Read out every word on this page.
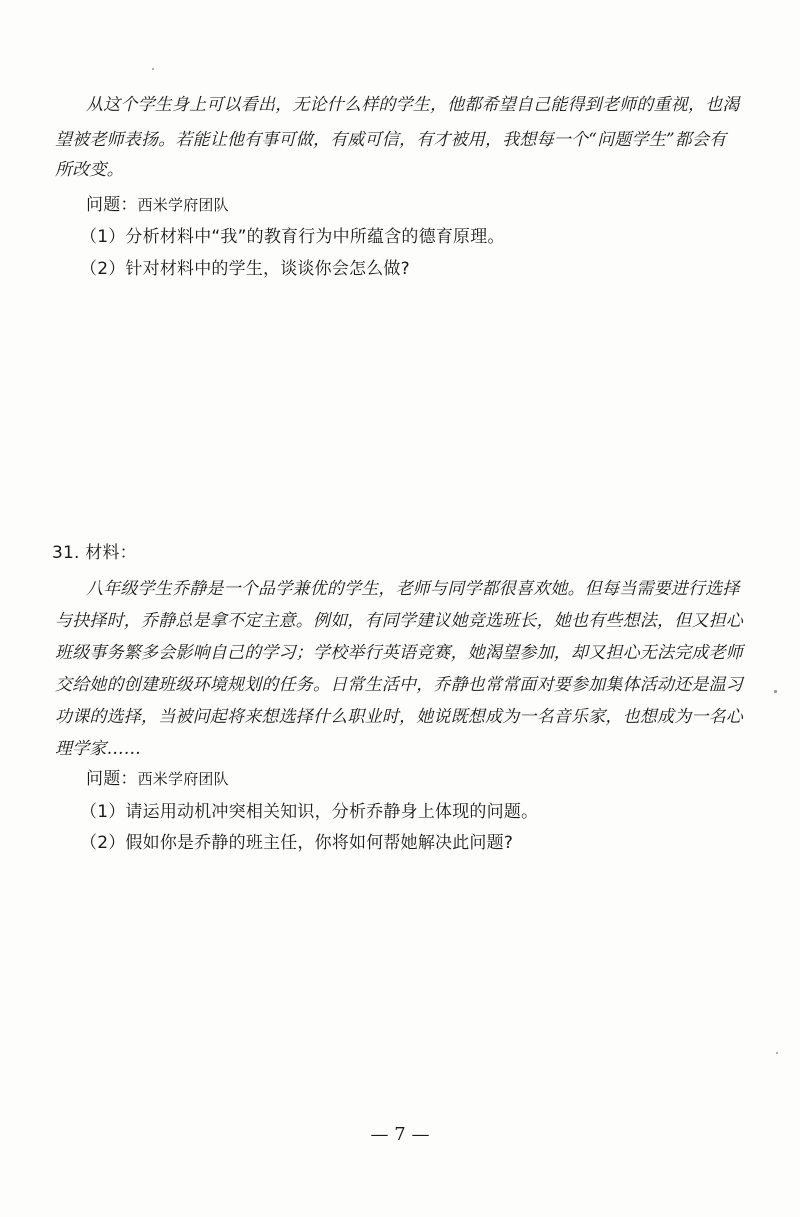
从这个学生身上可以看出，无论什么样的学生，他都希望自己能得到老师的重视，也渴
望被老师表扬。若能让他有事可做，有威可信，有才被用，我想每一个“问题学生”都会有
所改变。
问题：西米学府团队
（1）分析材料中“我”的教育行为中所蕴含的德育原理。
（2）针对材料中的学生，谈谈你会怎么做?
31. 材料：
八年级学生乔静是一个品学兼优的学生，老师与同学都很喜欢她。但每当需要进行选择
与抉择时，乔静总是拿不定主意。例如，有同学建议她竞选班长，她也有些想法，但又担心
班级事务繁多会影响自己的学习；学校举行英语竞赛，她渴望参加，却又担心无法完成老师
交给她的创建班级环境规划的任务。日常生活中，乔静也常常面对要参加集体活动还是温习
功课的选择，当被问起将来想选择什么职业时，她说既想成为一名音乐家，也想成为一名心
理学家……
问题：西米学府团队
（1）请运用动机冲突相关知识，分析乔静身上体现的问题。
（2）假如你是乔静的班主任，你将如何帮她解决此问题?
— 7 —
